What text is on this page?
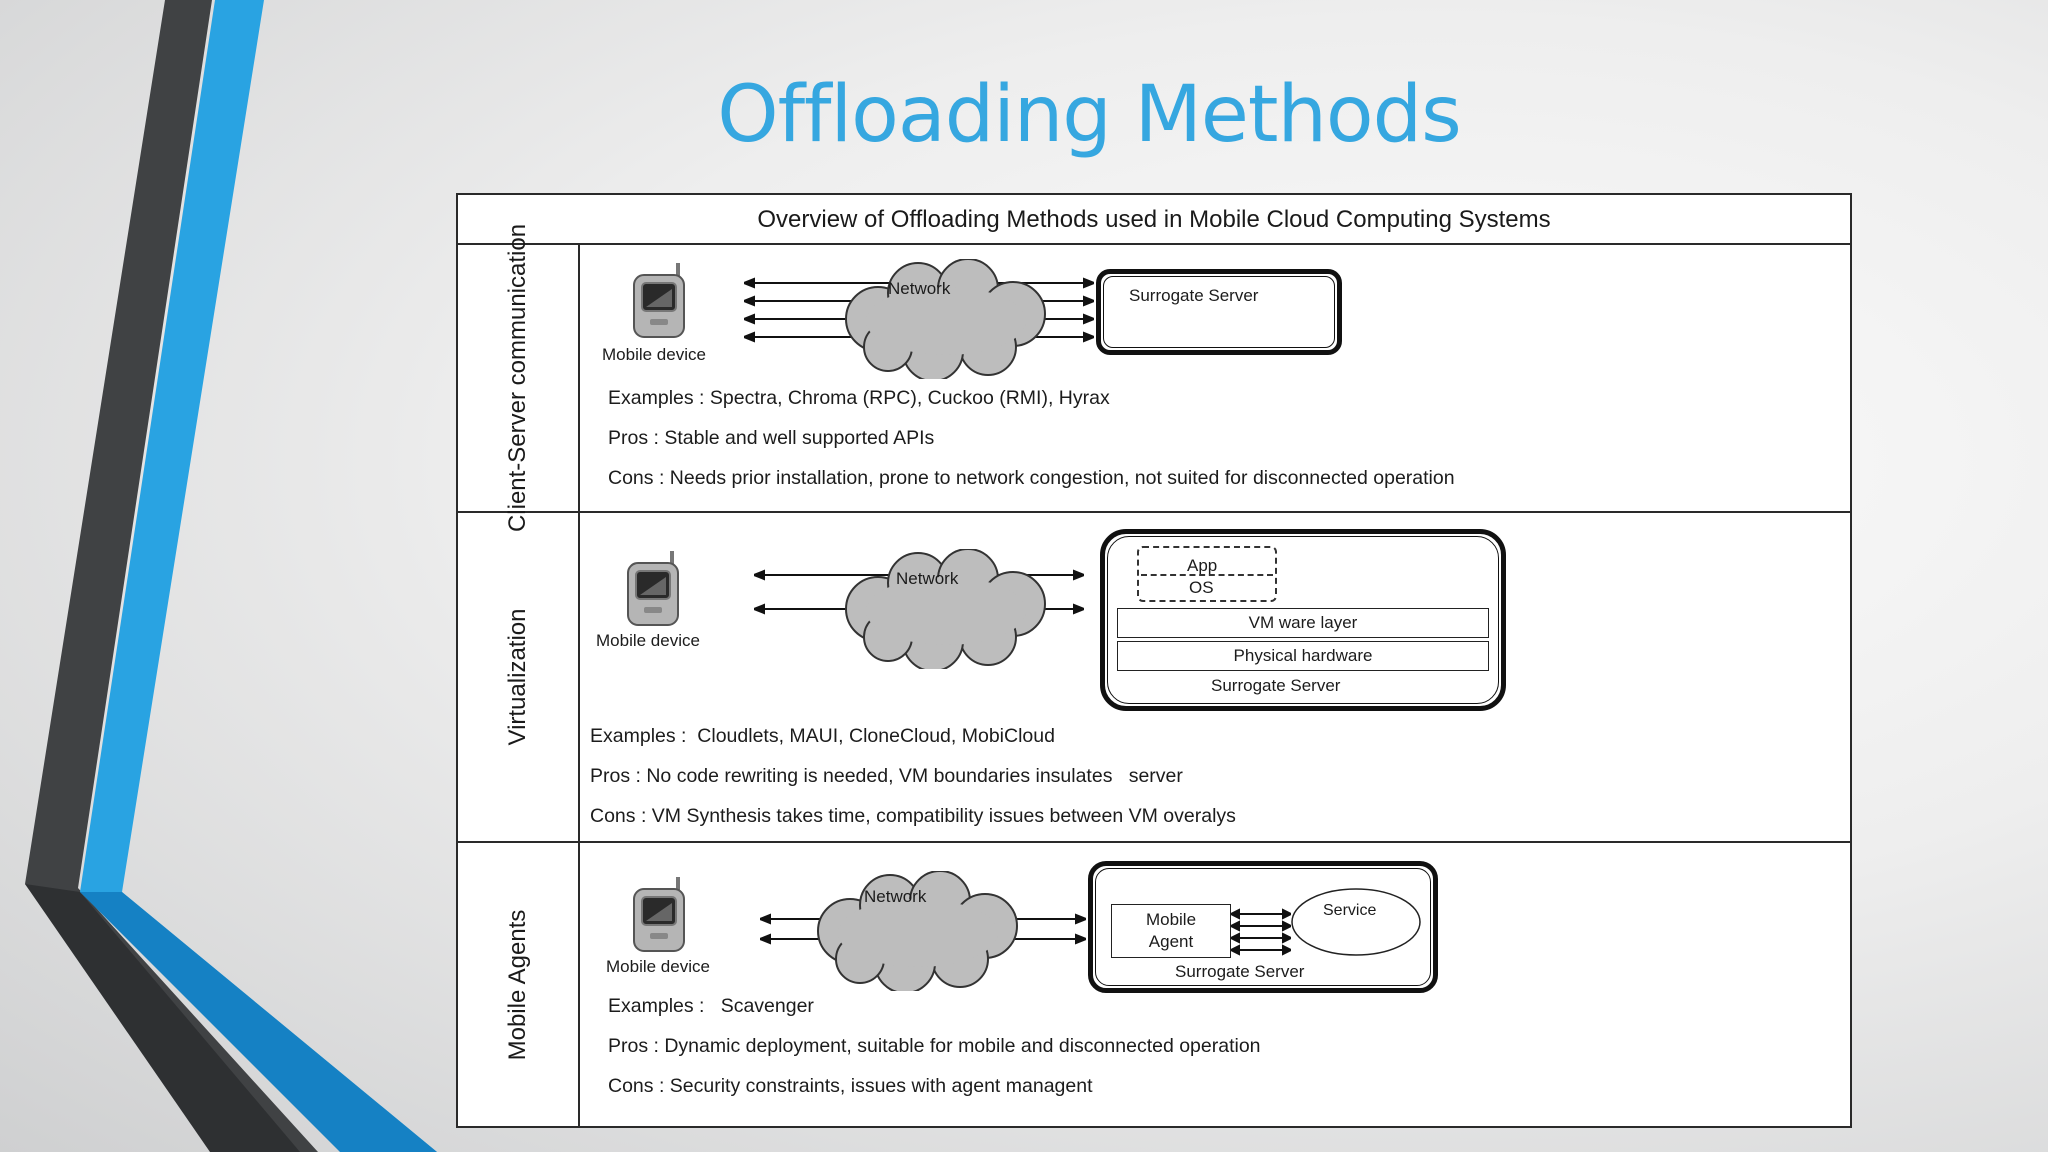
Offloading Methods
Overview of Offloading Methods used in Mobile Cloud Computing Systems
Client-Server communication	Mobile device
Network	Surrogate Server
Examples : Spectra, Chroma (RPC), Cuckoo (RMI), Hyrax
Pros : Stable and well supported APIs
Cons : Needs prior installation, prone to network congestion, not suited for disconnected operation
Virtualization	Mobile device
Network
App
OS
VM ware layer
Physical hardware
Surrogate Server
Examples :  Cloudlets, MAUI, CloneCloud, MobiCloud
Pros : No code rewriting is needed, VM boundaries insulates   server
Cons : VM Synthesis takes time, compatibility issues between VM overalys
Mobile Agents	Mobile device
Network
Mobile
Agent
Service
Surrogate Server
Examples :   Scavenger
Pros : Dynamic deployment, suitable for mobile and disconnected operation
Cons : Security constraints, issues with agent managent
